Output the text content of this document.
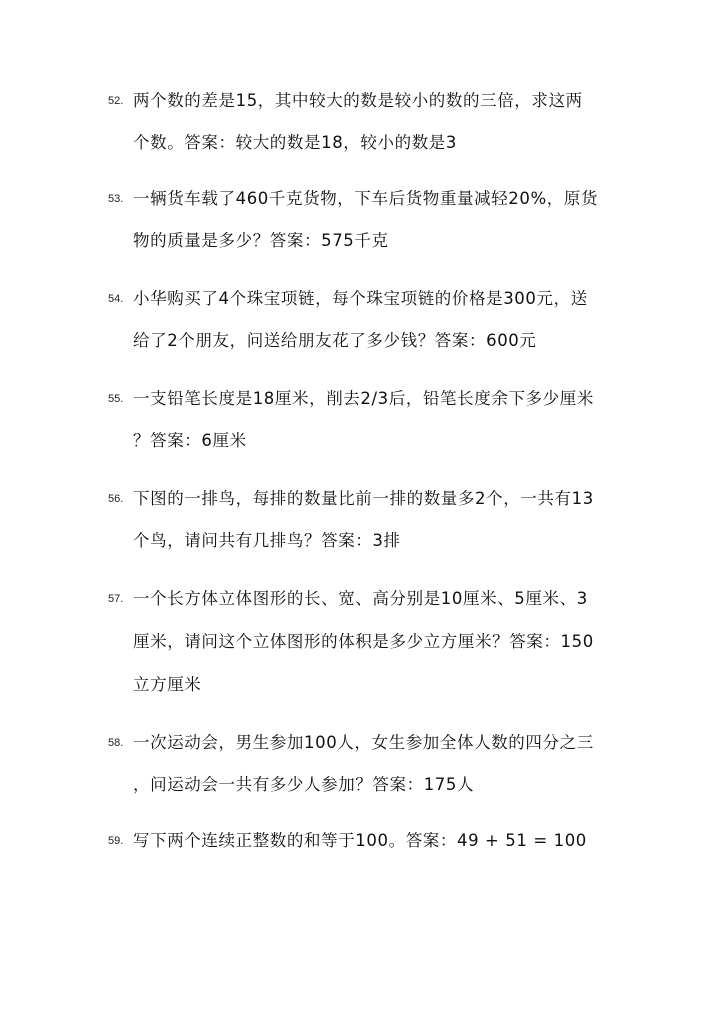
52. 两个数的差是15，其中较大的数是较小的数的三倍，求这两
个数。答案：较大的数是18，较小的数是3
53. 一辆货车载了460千克货物，下车后货物重量减轻20%，原货
物的质量是多少？答案：575千克
54. 小华购买了4个珠宝项链，每个珠宝项链的价格是300元，送
给了2个朋友，问送给朋友花了多少钱？答案：600元
55. 一支铅笔长度是18厘米，削去2/3后，铅笔长度余下多少厘米
？答案：6厘米
56. 下图的一排鸟，每排的数量比前一排的数量多2个，一共有13
个鸟，请问共有几排鸟？答案：3排
57. 一个长方体立体图形的长、宽、高分别是10厘米、5厘米、3
厘米，请问这个立体图形的体积是多少立方厘米？答案：150
立方厘米
58. 一次运动会，男生参加100人，女生参加全体人数的四分之三
，问运动会一共有多少人参加？答案：175人
59. 写下两个连续正整数的和等于100。答案：49 + 51 = 100
